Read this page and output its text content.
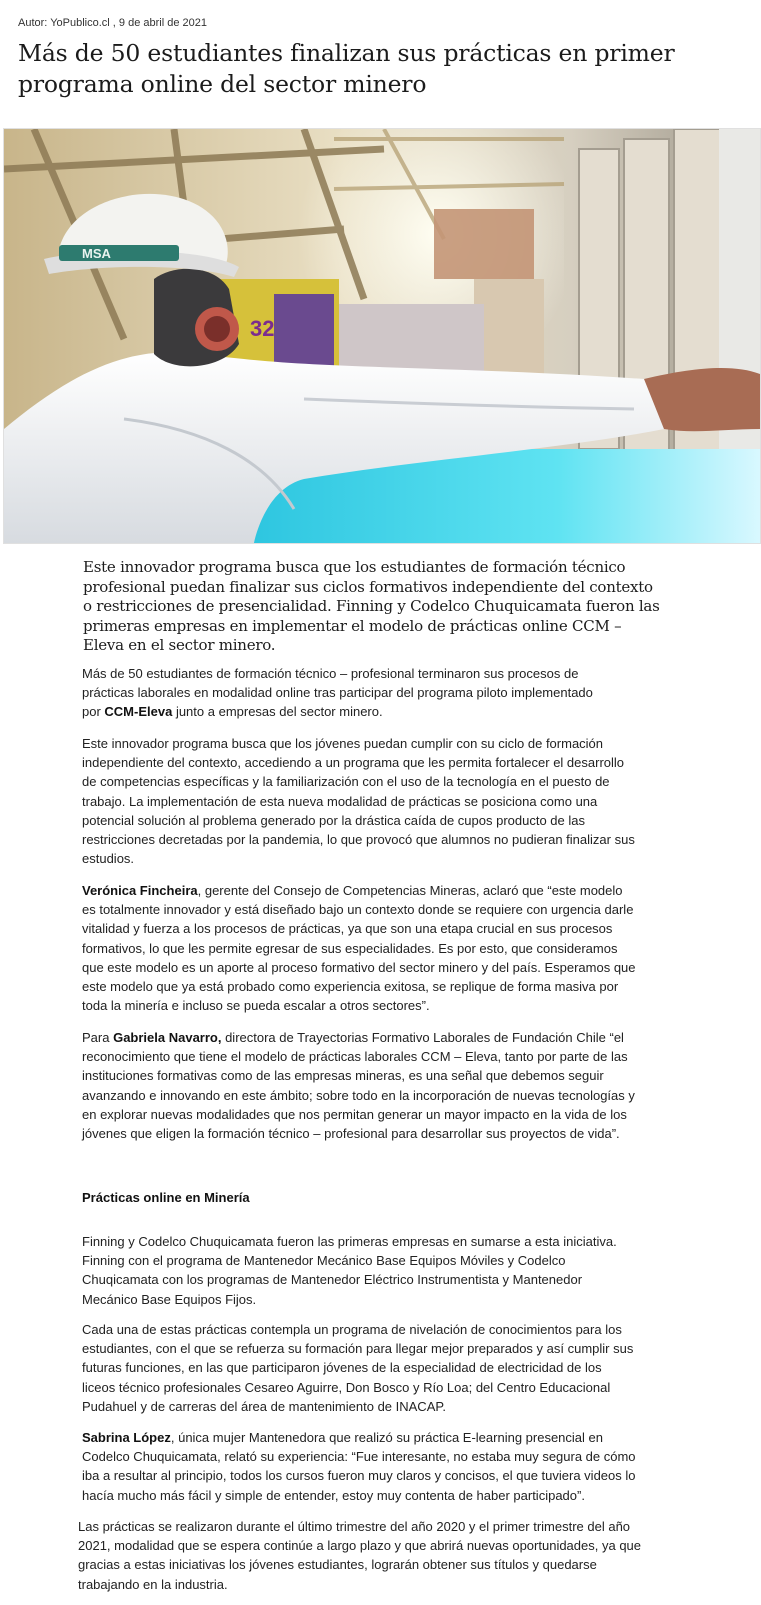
Autor: YoPublico.cl , 9 de abril de 2021
Más de 50 estudiantes finalizan sus prácticas en primer programa online del sector minero
32
MSA

Este innovador programa busca que los estudiantes de formación técnico profesional puedan finalizar sus ciclos formativos independiente del contexto o restricciones de presencialidad. Finning y Codelco Chuquicamata fueron las primeras empresas en implementar el modelo de prácticas online CCM – Eleva en el sector minero.

Más de 50 estudiantes de formación técnico – profesional terminaron sus procesos de prácticas laborales en modalidad online tras participar del programa piloto implementado por CCM-Eleva junto a empresas del sector minero.

Este innovador programa busca que los jóvenes puedan cumplir con su ciclo de formación independiente del contexto, accediendo a un programa que les permita fortalecer el desarrollo de competencias específicas y la familiarización con el uso de la tecnología en el puesto de trabajo. La implementación de esta nueva modalidad de prácticas se posiciona como una potencial solución al problema generado por la drástica caída de cupos producto de las restricciones decretadas por la pandemia, lo que provocó que alumnos no pudieran finalizar sus estudios.

Verónica Fincheira, gerente del Consejo de Competencias Mineras, aclaró que “este modelo es totalmente innovador y está diseñado bajo un contexto donde se requiere con urgencia darle vitalidad y fuerza a los procesos de prácticas, ya que son una etapa crucial en sus procesos formativos, lo que les permite egresar de sus especialidades. Es por esto, que consideramos que este modelo es un aporte al proceso formativo del sector minero y del país. Esperamos que este modelo que ya está probado como experiencia exitosa, se replique de forma masiva por toda la minería e incluso se pueda escalar a otros sectores”.

Para Gabriela Navarro, directora de Trayectorias Formativo Laborales de Fundación Chile “el reconocimiento que tiene el modelo de prácticas laborales CCM – Eleva, tanto por parte de las instituciones formativas como de las empresas mineras, es una señal que debemos seguir avanzando e innovando en este ámbito; sobre todo en la incorporación de nuevas tecnologías y en explorar nuevas modalidades que nos permitan generar un mayor impacto en la vida de los jóvenes que eligen la formación técnico – profesional para desarrollar sus proyectos de vida”.

Prácticas online en Minería

Finning y Codelco Chuquicamata fueron las primeras empresas en sumarse a esta iniciativa. Finning con el programa de Mantenedor Mecánico Base Equipos Móviles y Codelco Chuqicamata con los programas de Mantenedor Eléctrico Instrumentista y Mantenedor Mecánico Base Equipos Fijos.

Cada una de estas prácticas contempla un programa de nivelación de conocimientos para los estudiantes, con el que se refuerza su formación para llegar mejor preparados y así cumplir sus futuras funciones, en las que participaron jóvenes de la especialidad de electricidad de los liceos técnico profesionales Cesareo Aguirre, Don Bosco y Río Loa; del Centro Educacional Pudahuel y de carreras del área de mantenimiento de INACAP.

Sabrina López, única mujer Mantenedora que realizó su práctica E-learning presencial en Codelco Chuquicamata, relató su experiencia: “Fue interesante, no estaba muy segura de cómo iba a resultar al principio, todos los cursos fueron muy claros y concisos, el que tuviera videos lo hacía mucho más fácil y simple de entender, estoy muy contenta de haber participado”.

Las prácticas se realizaron durante el último trimestre del año 2020 y el primer trimestre del año 2021, modalidad que se espera continúe a largo plazo y que abrirá nuevas oportunidades, ya que gracias a estas iniciativas los jóvenes estudiantes, lograrán obtener sus títulos y quedarse trabajando en la industria.
